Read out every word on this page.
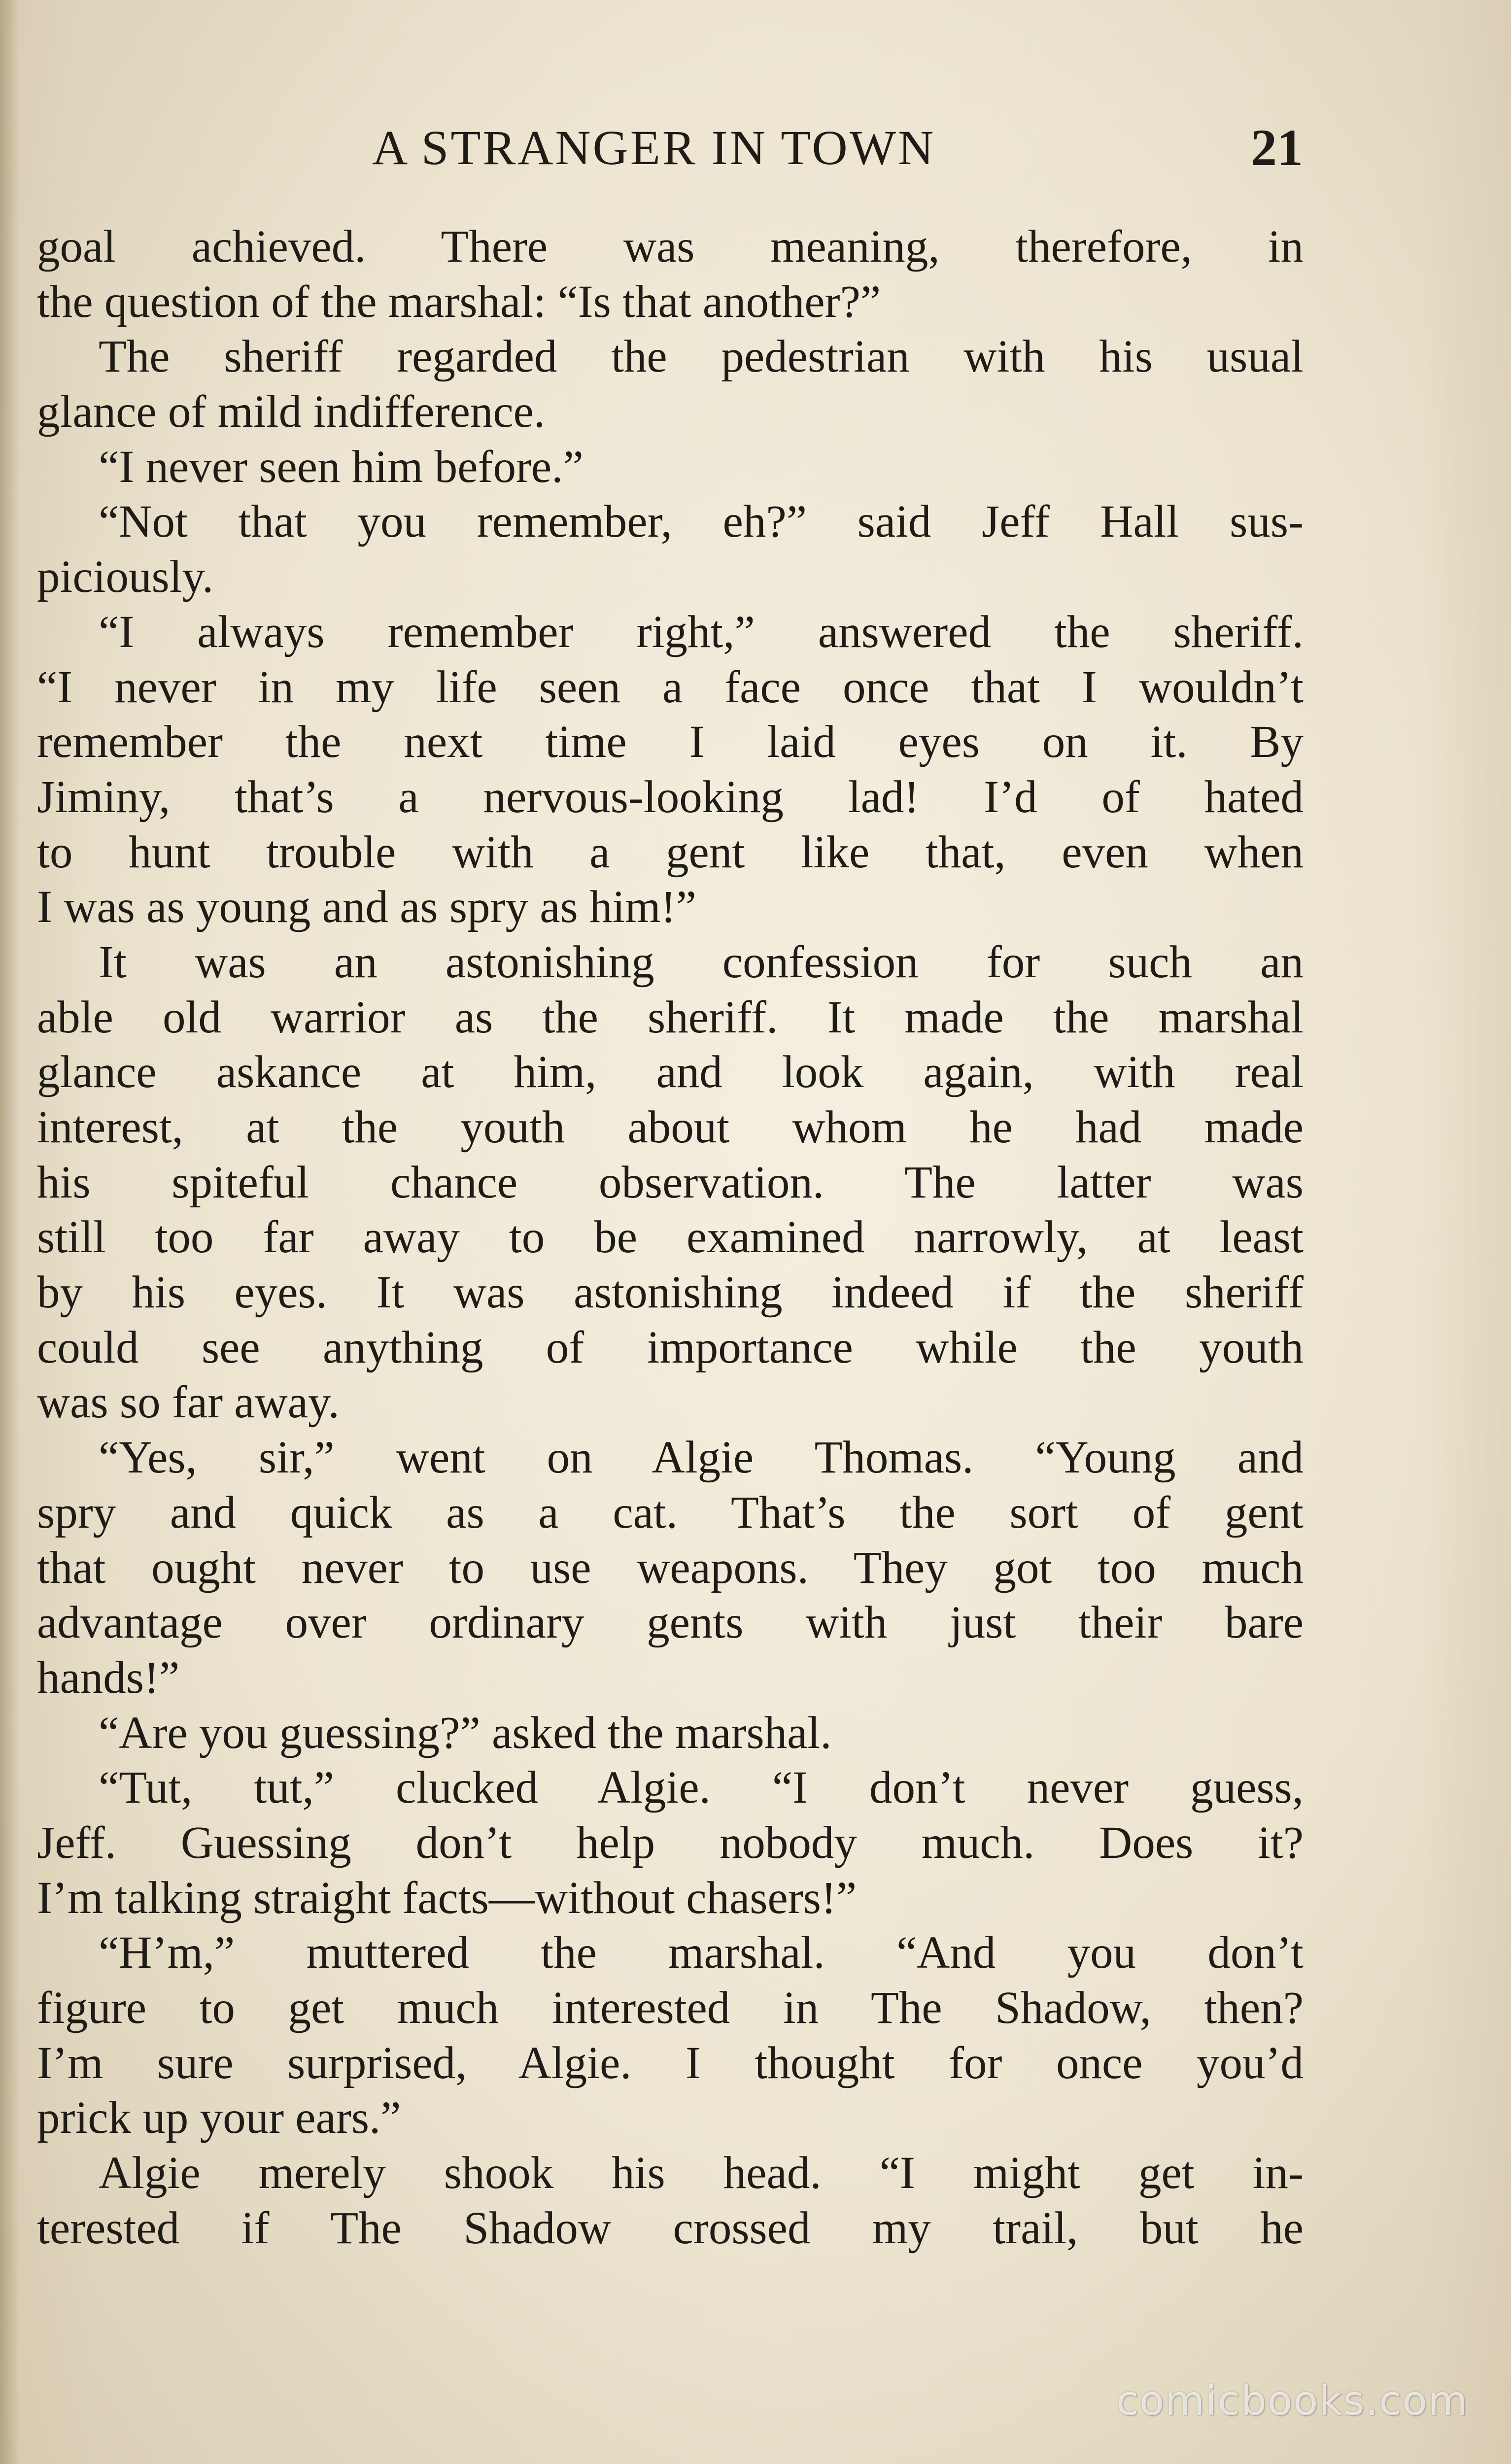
A STRANGER IN TOWN	21
goal achieved. There was meaning, therefore, in
the question of the marshal: “Is that another?”
The sheriff regarded the pedestrian with his usual
glance of mild indifference.
“I never seen him before.”
“Not that you remember, eh?” said Jeff Hall sus-
piciously.
“I always remember right,” answered the sheriff.
“I never in my life seen a face once that I wouldn’t
remember the next time I laid eyes on it. By
Jiminy, that’s a nervous-looking lad! I’d of hated
to hunt trouble with a gent like that, even when
I was as young and as spry as him!”
It was an astonishing confession for such an
able old warrior as the sheriff. It made the marshal
glance askance at him, and look again, with real
interest, at the youth about whom he had made
his spiteful chance observation. The latter was
still too far away to be examined narrowly, at least
by his eyes. It was astonishing indeed if the sheriff
could see anything of importance while the youth
was so far away.
“Yes, sir,” went on Algie Thomas. “Young and
spry and quick as a cat. That’s the sort of gent
that ought never to use weapons. They got too much
advantage over ordinary gents with just their bare
hands!”
“Are you guessing?” asked the marshal.
“Tut, tut,” clucked Algie. “I don’t never guess,
Jeff. Guessing don’t help nobody much. Does it?
I’m talking straight facts—without chasers!”
“H’m,” muttered the marshal. “And you don’t
figure to get much interested in The Shadow, then?
I’m sure surprised, Algie. I thought for once you’d
prick up your ears.”
Algie merely shook his head. “I might get in-
terested if The Shadow crossed my trail, but he
comicbooks.com
